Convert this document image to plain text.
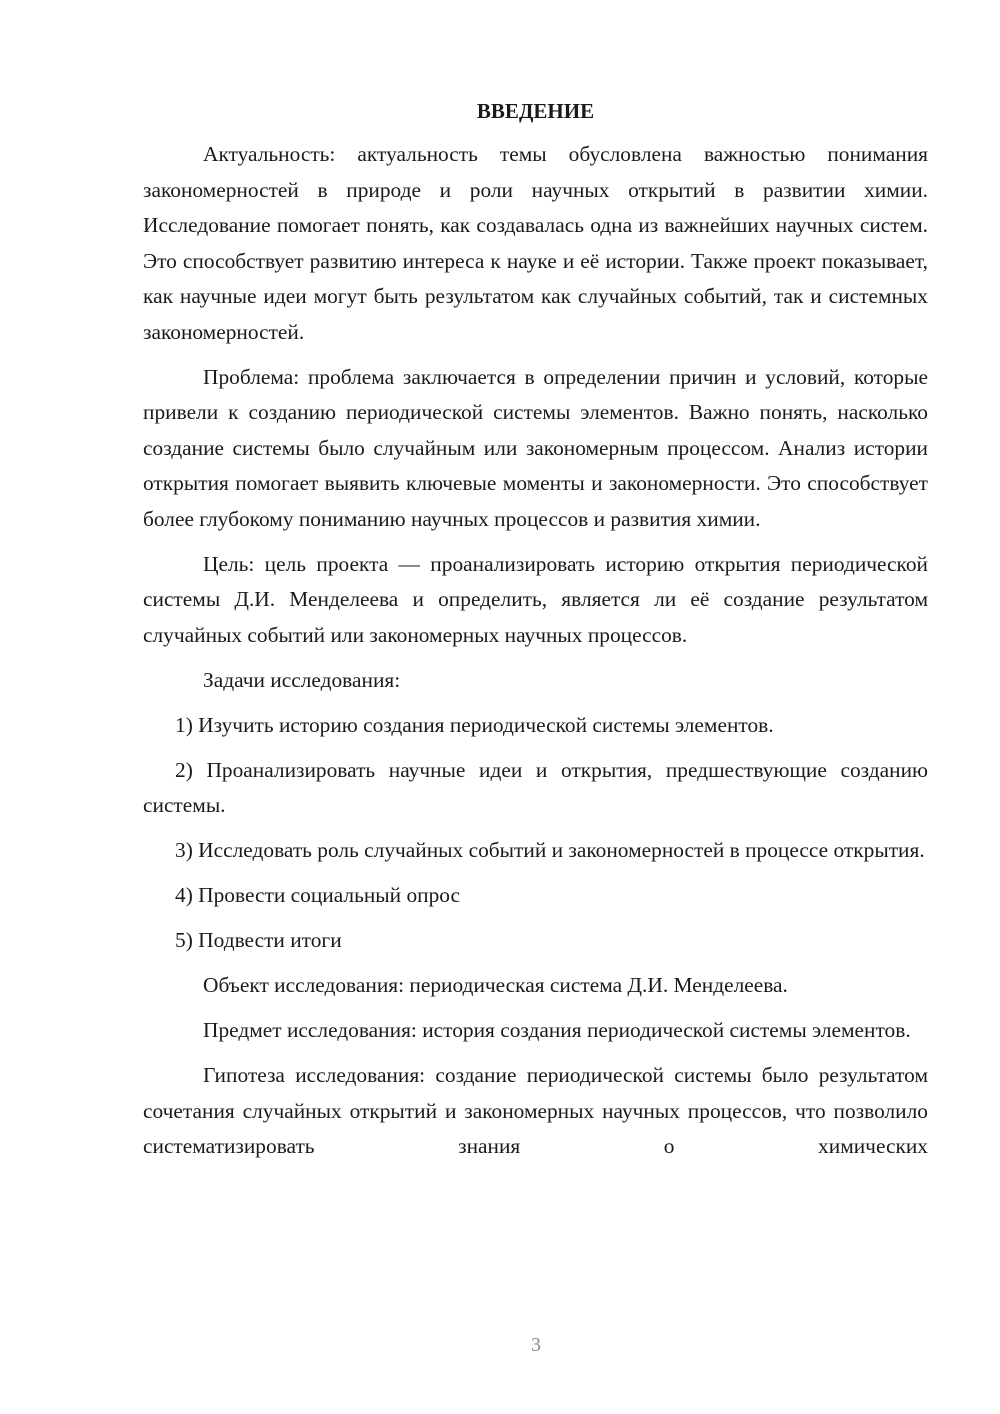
ВВЕДЕНИЕ

Актуальность: актуальность темы обусловлена важностью понимания закономерностей в природе и роли научных открытий в развитии химии. Исследование помогает понять, как создавалась одна из важнейших научных систем. Это способствует развитию интереса к науке и её истории. Также проект показывает, как научные идеи могут быть результатом как случайных событий, так и системных закономерностей.

Проблема: проблема заключается в определении причин и условий, которые привели к созданию периодической системы элементов. Важно понять, насколько создание системы было случайным или закономерным процессом. Анализ истории открытия помогает выявить ключевые моменты и закономерности. Это способствует более глубокому пониманию научных процессов и развития химии.

Цель: цель проекта — проанализировать историю открытия периодической системы Д.И. Менделеева и определить, является ли её создание результатом случайных событий или закономерных научных процессов.

Задачи исследования:

1) Изучить историю создания периодической системы элементов.

2) Проанализировать научные идеи и открытия, предшествующие созданию системы.

3) Исследовать роль случайных событий и закономерностей в процессе открытия.

4) Провести социальный опрос

5) Подвести итоги

Объект исследования: периодическая система Д.И. Менделеева.

Предмет исследования: история создания периодической системы элементов.

Гипотеза исследования: создание периодической системы было результатом сочетания случайных открытий и закономерных научных процессов, что позволило систематизировать знания о химических

3
